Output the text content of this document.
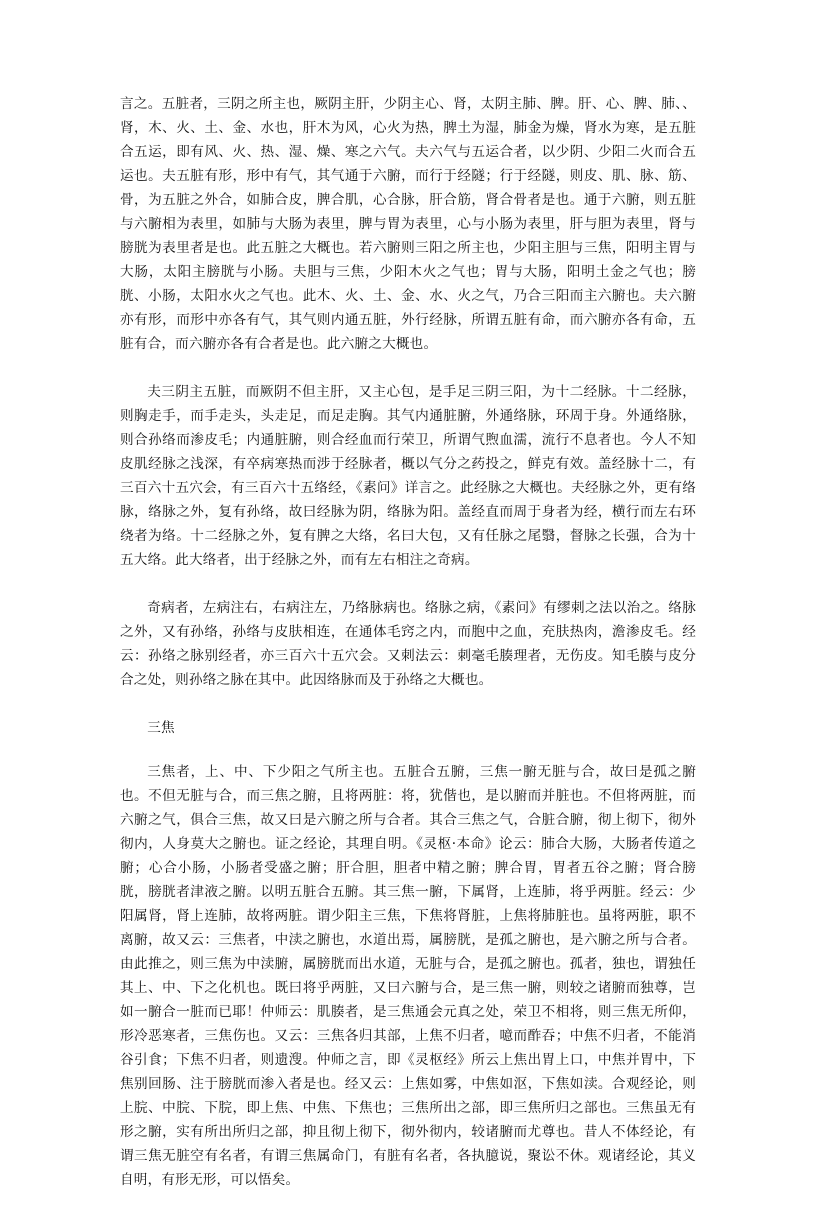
言之。五脏者，三阴之所主也，厥阴主肝，少阴主心、肾，太阴主肺、脾。肝、心、脾、肺、、肾，木、火、土、金、水也，肝木为风，心火为热，脾土为湿，肺金为燥，肾水为寒，是五脏合五运，即有风、火、热、湿、燥、寒之六气。夫六气与五运合者，以少阴、少阳二火而合五运也。夫五脏有形，形中有气，其气通于六腑，而行于经隧；行于经隧，则皮、肌、脉、筋、骨，为五脏之外合，如肺合皮，脾合肌，心合脉，肝合筋，肾合骨者是也。通于六腑，则五脏与六腑相为表里，如肺与大肠为表里，脾与胃为表里，心与小肠为表里，肝与胆为表里，肾与膀胱为表里者是也。此五脏之大概也。若六腑则三阳之所主也，少阳主胆与三焦，阳明主胃与大肠，太阳主膀胱与小肠。夫胆与三焦，少阳木火之气也；胃与大肠，阳明土金之气也；膀胱、小肠，太阳水火之气也。此木、火、土、金、水、火之气，乃合三阳而主六腑也。夫六腑亦有形，而形中亦各有气，其气则内通五脏，外行经脉，所谓五脏有命，而六腑亦各有命，五脏有合，而六腑亦各有合者是也。此六腑之大概也。

夫三阴主五脏，而厥阴不但主肝，又主心包，是手足三阴三阳，为十二经脉。十二经脉，则胸走手，而手走头，头走足，而足走胸。其气内通脏腑，外通络脉，环周于身。外通络脉，则合孙络而渗皮毛；内通脏腑，则合经血而行荣卫，所谓气煦血濡，流行不息者也。今人不知皮肌经脉之浅深，有卒病寒热而涉于经脉者，概以气分之药投之，鲜克有效。盖经脉十二，有三百六十五穴会，有三百六十五络经，《素问》详言之。此经脉之大概也。夫经脉之外，更有络脉，络脉之外，复有孙络，故曰经脉为阴，络脉为阳。盖经直而周于身者为经，横行而左右环绕者为络。十二经脉之外，复有脾之大络，名曰大包，又有任脉之尾翳，督脉之长强，合为十五大络。此大络者，出于经脉之外，而有左右相注之奇病。

奇病者，左病注右，右病注左，乃络脉病也。络脉之病，《素问》有缪刺之法以治之。络脉之外，又有孙络，孙络与皮肤相连，在通体毛窍之内，而胞中之血，充肤热肉，澹渗皮毛。经云：孙络之脉别经者，亦三百六十五穴会。又刺法云：刺毫毛腠理者，无伤皮。知毛腠与皮分合之处，则孙络之脉在其中。此因络脉而及于孙络之大概也。

三焦

三焦者，上、中、下少阳之气所主也。五脏合五腑，三焦一腑无脏与合，故曰是孤之腑也。不但无脏与合，而三焦之腑，且将两脏：将，犹偕也，是以腑而并脏也。不但将两脏，而六腑之气，俱合三焦，故又曰是六腑之所与合者。其合三焦之气，合脏合腑，彻上彻下，彻外彻内，人身莫大之腑也。证之经论，其理自明。《灵枢·本命》论云：肺合大肠，大肠者传道之腑；心合小肠，小肠者受盛之腑；肝合胆，胆者中精之腑；脾合胃，胃者五谷之腑；肾合膀胱，膀胱者津液之腑。以明五脏合五腑。其三焦一腑，下属肾，上连肺，将乎两脏。经云：少阳属肾，肾上连肺，故将两脏。谓少阳主三焦，下焦将肾脏，上焦将肺脏也。虽将两脏，职不离腑，故又云：三焦者，中渎之腑也，水道出焉，属膀胱，是孤之腑也，是六腑之所与合者。由此推之，则三焦为中渎腑，属膀胱而出水道，无脏与合，是孤之腑也。孤者，独也，谓独任其上、中、下之化机也。既曰将乎两脏，又曰六腑与合，是三焦一腑，则较之诸腑而独尊，岂如一腑合一脏而已耶！仲师云：肌腠者，是三焦通会元真之处，荣卫不相将，则三焦无所仰，形冷恶寒者，三焦伤也。又云：三焦各归其部，上焦不归者，噫而酢吞；中焦不归者，不能消谷引食；下焦不归者，则遗溲。仲师之言，即《灵枢经》所云上焦出胃上口，中焦并胃中，下焦别回肠、注于膀胱而渗入者是也。经又云：上焦如雾，中焦如沤，下焦如渎。合观经论，则上脘、中脘、下脘，即上焦、中焦、下焦也；三焦所出之部，即三焦所归之部也。三焦虽无有形之腑，实有所出所归之部，抑且彻上彻下，彻外彻内，较诸腑而尤尊也。昔人不体经论，有谓三焦无脏空有名者，有谓三焦属命门，有脏有名者，各执臆说，聚讼不休。观诸经论，其义自明，有形无形，可以悟矣。
